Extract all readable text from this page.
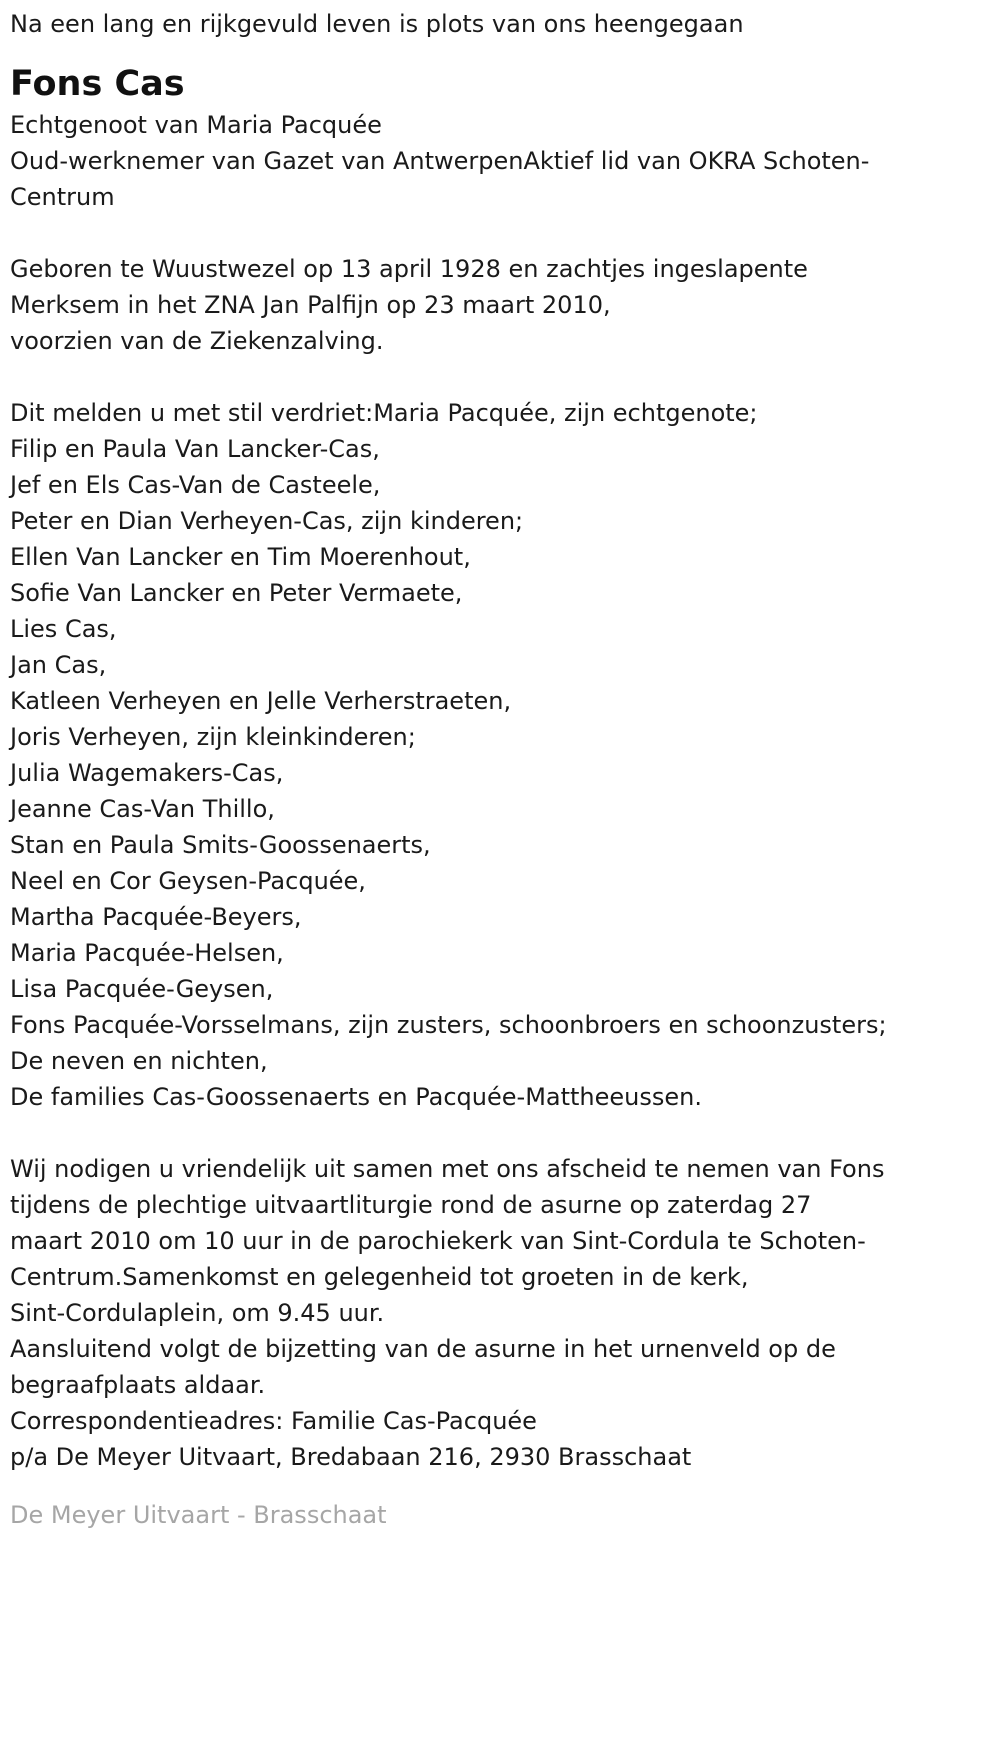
Na een lang en rijkgevuld leven is plots van ons heengegaan

Fons Cas

Echtgenoot van Maria Pacquée

Oud-werknemer van Gazet van AntwerpenAktief lid van OKRA Schoten-

Centrum

Geboren te Wuustwezel op 13 april 1928 en zachtjes ingeslapente

Merksem in het ZNA Jan Palfijn op 23 maart 2010,

voorzien van de Ziekenzalving.

Dit melden u met stil verdriet:Maria Pacquée, zijn echtgenote;

Filip en Paula Van Lancker-Cas,

Jef en Els Cas-Van de Casteele,

Peter en Dian Verheyen-Cas, zijn kinderen;

Ellen Van Lancker en Tim Moerenhout,

Sofie Van Lancker en Peter Vermaete,

Lies Cas,

Jan Cas,

Katleen Verheyen en Jelle Verherstraeten,

Joris Verheyen, zijn kleinkinderen;

Julia Wagemakers-Cas,

Jeanne Cas-Van Thillo,

Stan en Paula Smits-Goossenaerts,

Neel en Cor Geysen-Pacquée,

Martha Pacquée-Beyers,

Maria Pacquée-Helsen,

Lisa Pacquée-Geysen,

Fons Pacquée-Vorsselmans, zijn zusters, schoonbroers en schoonzusters;

De neven en nichten,

De families Cas-Goossenaerts en Pacquée-Mattheeussen.

Wij nodigen u vriendelijk uit samen met ons afscheid te nemen van Fons

tijdens de plechtige uitvaartliturgie rond de asurne op zaterdag 27

maart 2010 om 10 uur in de parochiekerk van Sint-Cordula te Schoten-

Centrum.Samenkomst en gelegenheid tot groeten in de kerk,

Sint-Cordulaplein, om 9.45 uur.

Aansluitend volgt de bijzetting van de asurne in het urnenveld op de

begraafplaats aldaar.

Correspondentieadres: Familie Cas-Pacquée

p/a De Meyer Uitvaart, Bredabaan 216, 2930 Brasschaat

De Meyer Uitvaart - Brasschaat
